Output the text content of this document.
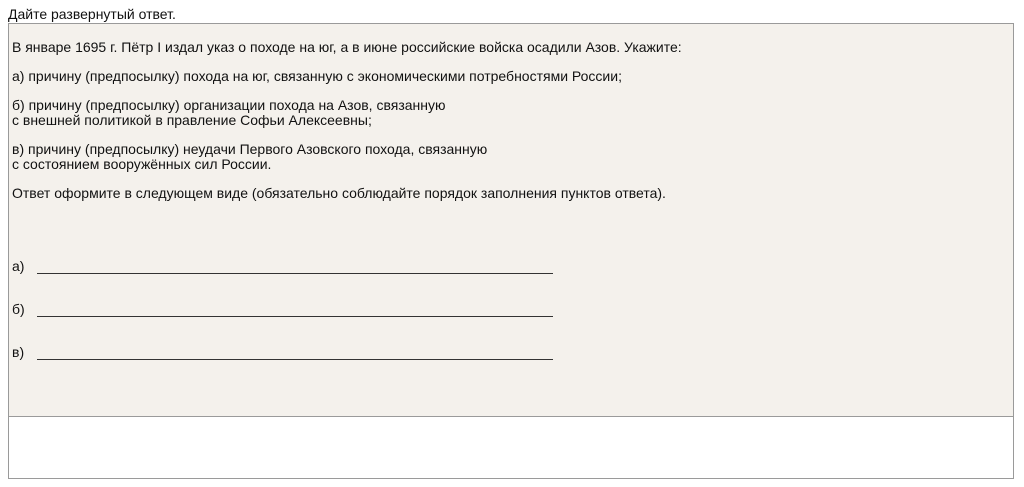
Дайте развернутый ответ.
В январе 1695 г. Пётр I издал указ о походе на юг, а в июне российские войска осадили Азов. Укажите:
а) причину (предпосылку) похода на юг, связанную с экономическими потребностями России;
б) причину (предпосылку) организации похода на Азов, связанную
с внешней политикой в правление Софьи Алексеевны;
в) причину (предпосылку) неудачи Первого Азовского похода, связанную
с состоянием вооружённых сил России.
Ответ оформите в следующем виде (обязательно соблюдайте порядок заполнения пунктов ответа).
а)
б)
в)
